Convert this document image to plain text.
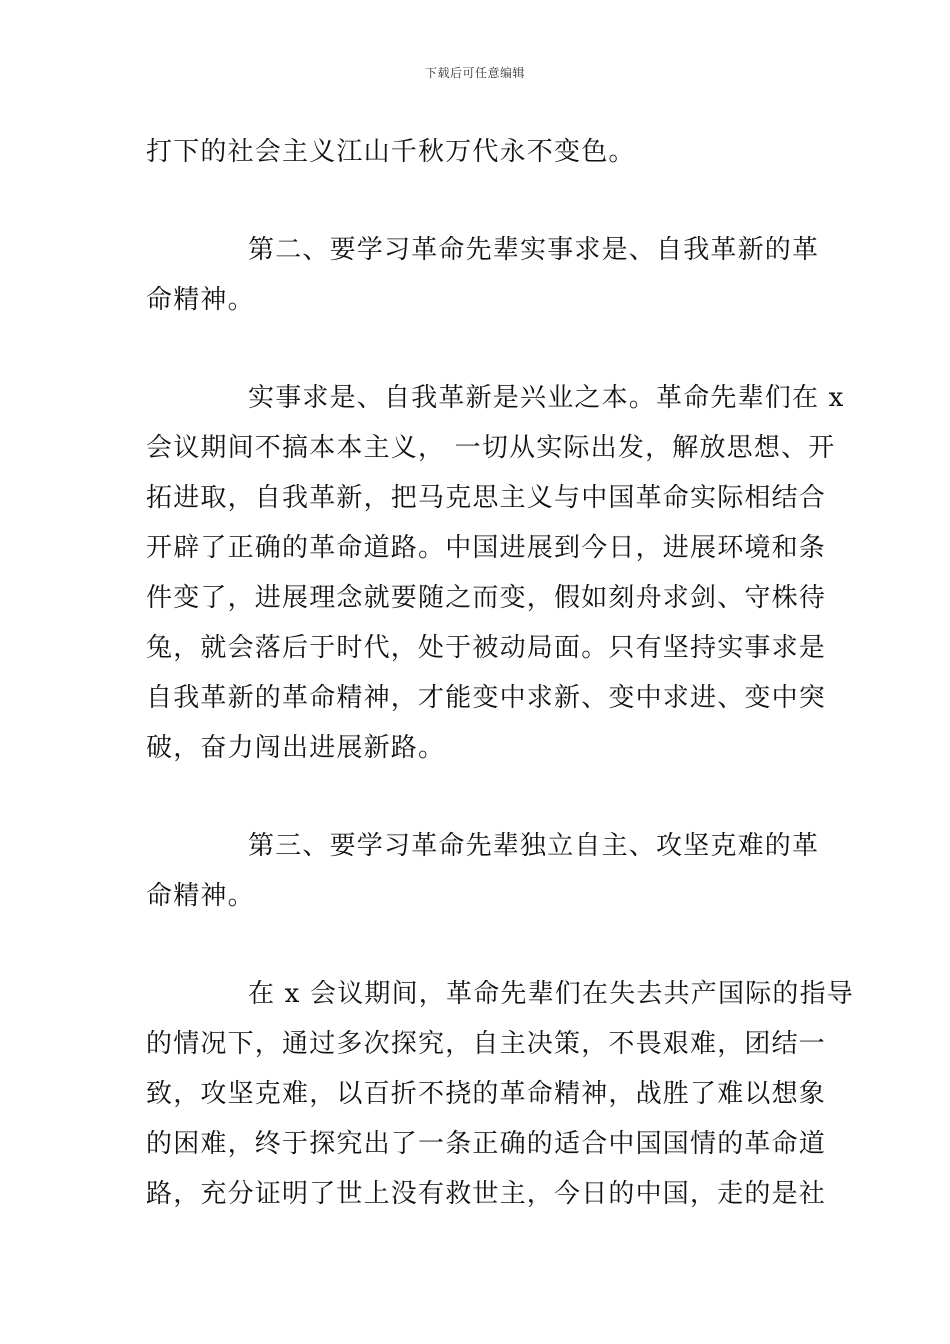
下载后可任意编辑
打下的社会主义江山千秋万代永不变色。
第二、要学习革命先辈实事求是、自我革新的革
命精神。
实事求是、自我革新是兴业之本。革命先辈们在 x
会议期间不搞本本主义， 一切从实际出发，解放思想、开
拓进取，自我革新，把马克思主义与中国革命实际相结合
开辟了正确的革命道路。中国进展到今日，进展环境和条
件变了，进展理念就要随之而变，假如刻舟求剑、守株待
兔，就会落后于时代，处于被动局面。只有坚持实事求是
自我革新的革命精神，才能变中求新、变中求进、变中突
破，奋力闯出进展新路。
第三、要学习革命先辈独立自主、攻坚克难的革
命精神。
在 x 会议期间，革命先辈们在失去共产国际的指导
的情况下，通过多次探究，自主决策，不畏艰难，团结一
致，攻坚克难，以百折不挠的革命精神，战胜了难以想象
的困难，终于探究出了一条正确的适合中国国情的革命道
路，充分证明了世上没有救世主，今日的中国，走的是社
